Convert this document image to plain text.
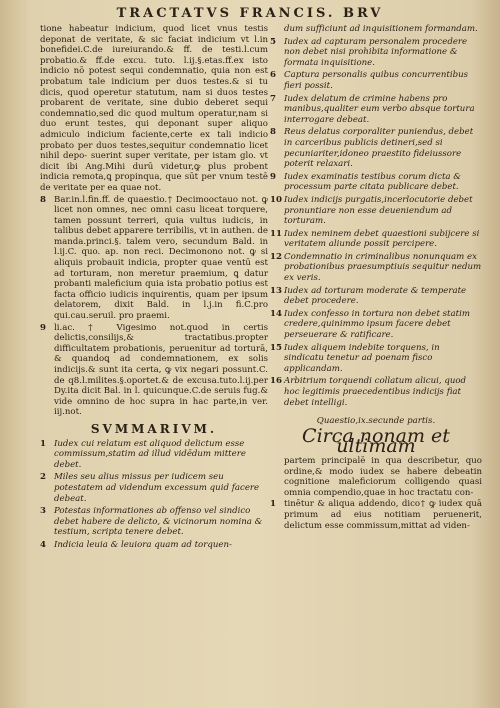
TRACTATVS FRANCIS. BRV

tione habeatur indicium, quod licet vnus testis deponat de veritate, & sic faciat indicium vt l.in bonefidei.C.de iureiurando.& ff. de testi.l.cum probatio.& ff.de excu. tuto. l.ij.§.etas.ff.ex isto indicio nō potest sequi condemnatio, quia non est probatum tale indicium per duos testes.& si tu dicis, quod operetur statutum, nam si duos testes probarent de veritate, sine dubio deberet sequi condemnatio,sed dic quod multum operatur,nam si duo erunt testes, qui deponant super aliquo admiculo indicium faciente,certe ex tali indicio probato per duos testes,sequitur condemnatio licet nihil depo- suerint super veritate, per istam glo. vt dicit ibi Ang.Mihi durū videtur,ꝙ plus probent indicia remota,ꝗ propinqua, que sūt per vnum testē de veritate per ea quae not.

8 Bar.in.l.fin.ff. de quaestio.† Decimooctauo not. ꝙ licet non omnes, nec omni casu liceat torquere, tamen possunt terreri, quia vultus iudicis, in talibus debet apparere terribilis, vt in authen. de manda.princi.§. talem vero, secundum Bald. in l.ij.C. quo. ap. non reci. Decimonono not. ꝙ si aliquis probauit indicia, propter quae ventū est ad torturam, non meretur praemium, ꝗ datur probanti maleficium quia ista probatio potius est facta officio iudicis inquirentis, quam per ipsum delatorem, dixit Bald. in l.j.in fi.C.pro qui.cau.seruil. pro praemi.
9 li.ac. † Vigesimo not.quod in certis delictis,consilijs,& tractatibus.propter difficultatem probationis, peruenitur ad torturā, & quandoꝗ ad condemnationem, ex solis indicijs.& sunt ita certa, ꝙ vix negari possunt.C. de q8.l.milites.§.oportet.& de excusa.tuto.l.ij.per Dy.ita dicit Bal. in l. quicunque.C.de seruis fug.& vide omnino de hoc supra in hac parte,in ver. iij.not.
SVMMARIVM.
1 Iudex cui relatum est aliquod delictum esse commissum,statim ad illud vidēdum mittere debet.
2 Miles seu alius missus per iudicem seu potestatem ad videndum excessum quid facere debeat.
3 Potestas informationes ab offenso vel sindico debet habere de delicto, & vicinorum nomina & testium, scripta tenere debet.
4 Indicia leuia & leuiora quam ad torquen-
dum sufficiunt ad inquisitionem formandam.
5 Iudex ad capturam personalem procedere non debet nisi prohibita informatione & formata inquisitione.
6 Captura personalis quibus concurrentibus fieri possit.
7 Iudex delatum de crimine habens pro manibus,qualiter eum verbo absque tortura interrogare debeat.
8 Reus delatus corporaliter puniendus, debet in carceribus publicis detineri,sed si pecuniariter,idoneo praestito fideiussore poterit relaxari.
9 Iudex examinatis testibus corum dicta & processum parte citata publicare debet.
10 Iudex indicijs purgatis,incerlocutorie debet pronuntiare non esse deueniendum ad torturam.
11 Iudex neminem debet quaestioni subijcere si veritatem aliunde possit percipere.
12 Condemnatio in criminalibus nonunquam ex probationibus praesumptiuis sequitur nedum ex veris.
13 Iudex ad torturam moderate & temperate debet procedere.
14 Iudex confesso in tortura non debet statim credere,quinimmo ipsum facere debet perseuerare & ratificare.
15 Iudex aliquem indebite torquens, in sindicatu tenetur ad poenam fisco applicandam.
16 Arbitrium torquendi collatum alicui, quod hoc legitimis praecedentibus indicijs fiat debet intelligi.
Quaestio,ix.secunde partis.
Circa nonam et ultimam
partem principalē in qua describetur, quo ordine,& modo iudex se habere debeatin cognitione maleficiorum colligendo quasi omnia compendio,quae in hoc tractatu con-
1 tinētur & aliqua addendo, dico† ꝙ iudex quā primum ad eius notitiam peruenerit, delictum esse commissum,mittat ad viden-
